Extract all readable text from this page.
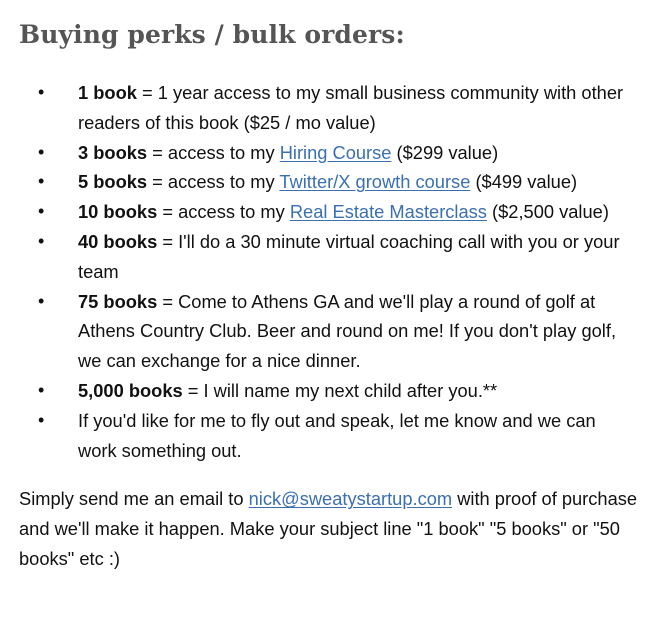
Buying perks / bulk orders:
• 1 book = 1 year access to my small business community with other readers of this book ($25 / mo value)
• 3 books = access to my Hiring Course ($299 value)
• 5 books = access to my Twitter/X growth course ($499 value)
• 10 books = access to my Real Estate Masterclass ($2,500 value)
• 40 books = I'll do a 30 minute virtual coaching call with you or your team
• 75 books = Come to Athens GA and we'll play a round of golf at Athens Country Club. Beer and round on me! If you don't play golf, we can exchange for a nice dinner.
• 5,000 books = I will name my next child after you.**
• If you'd like for me to fly out and speak, let me know and we can work something out.

Simply send me an email to nick@sweatystartup.com with proof of purchase and we'll make it happen. Make your subject line "1 book" "5 books" or "50 books" etc :)
